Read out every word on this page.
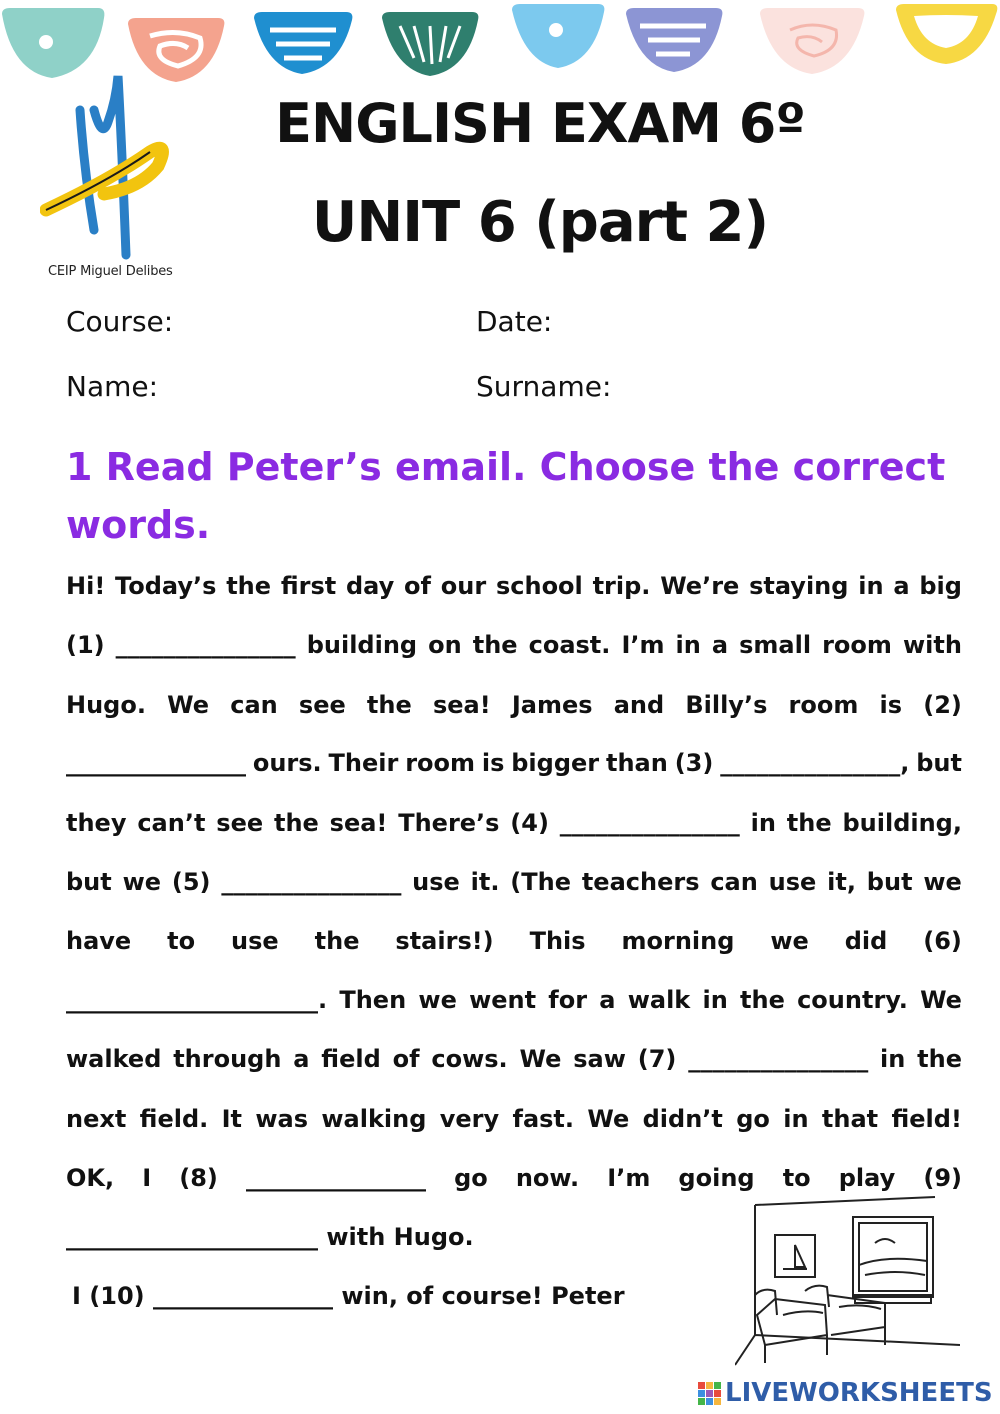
CEIP Miguel Delibes
ENGLISH EXAM 6º
UNIT 6 (part 2)
Course:	Date:
Name:	Surname:
1 Read Peter’s email. Choose the correct words.
Hi! Today’s the first day of our school trip. We’re staying in a big
(1) _______________ building on the coast. I’m in a small room with
Hugo. We can see the sea! James and Billy’s room is (2)
_______________ ours. Their room is bigger than (3) _______________, but
they can’t see the sea! There’s (4) _______________ in the building,
but we (5) _______________ use it. (The teachers can use it, but we
have to use the stairs!) This morning we did (6)
_____________________. Then we went for a walk in the country. We
walked through a field of cows. We saw (7) _______________ in the
next field. It was walking very fast. We didn’t go in that field!
OK, I (8) _______________ go now. I’m going to play (9)
_____________________ with Hugo.
I (10) _______________ win, of course! Peter
LIVEWORKSHEETS
